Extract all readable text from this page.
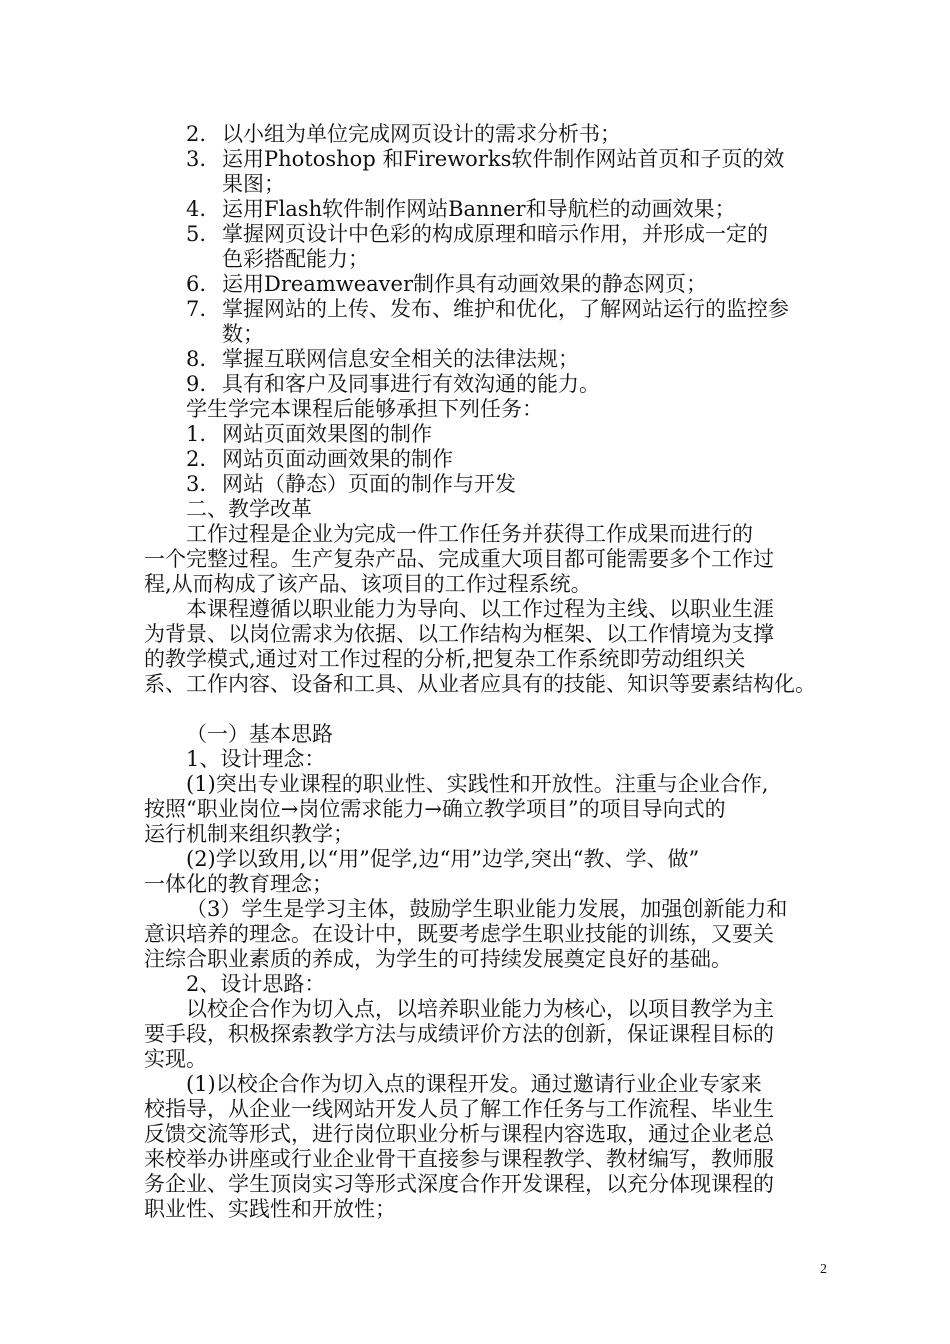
2. 以小组为单位完成网页设计的需求分析书；
3. 运用Photoshop 和Fireworks软件制作网站首页和子页的效
果图；
4. 运用Flash软件制作网站Banner和导航栏的动画效果；
5. 掌握网页设计中色彩的构成原理和暗示作用，并形成一定的
色彩搭配能力；
6. 运用Dreamweaver制作具有动画效果的静态网页；
7. 掌握网站的上传、发布、维护和优化，了解网站运行的监控参
数；
8. 掌握互联网信息安全相关的法律法规；
9. 具有和客户及同事进行有效沟通的能力。
学生学完本课程后能够承担下列任务：
1. 网站页面效果图的制作
2. 网站页面动画效果的制作
3. 网站（静态）页面的制作与开发
二、教学改革
工作过程是企业为完成一件工作任务并获得工作成果而进行的
一个完整过程。生产复杂产品、完成重大项目都可能需要多个工作过
程,从而构成了该产品、该项目的工作过程系统。
本课程遵循以职业能力为导向、以工作过程为主线、以职业生涯
为背景、以岗位需求为依据、以工作结构为框架、以工作情境为支撑
的教学模式,通过对工作过程的分析,把复杂工作系统即劳动组织关
系、工作内容、设备和工具、从业者应具有的技能、知识等要素结构化。
（一）基本思路
1、设计理念：
(1)突出专业课程的职业性、实践性和开放性。注重与企业合作,
按照“职业岗位→岗位需求能力→确立教学项目”的项目导向式的
运行机制来组织教学；
(2)学以致用,以“用”促学,边“用”边学,突出“教、学、做”
一体化的教育理念；
（3）学生是学习主体，鼓励学生职业能力发展，加强创新能力和
意识培养的理念。在设计中，既要考虑学生职业技能的训练，又要关
注综合职业素质的养成，为学生的可持续发展奠定良好的基础。
2、设计思路：
以校企合作为切入点，以培养职业能力为核心，以项目教学为主
要手段，积极探索教学方法与成绩评价方法的创新，保证课程目标的
实现。
(1)以校企合作为切入点的课程开发。通过邀请行业企业专家来
校指导，从企业一线网站开发人员了解工作任务与工作流程、毕业生
反馈交流等形式，进行岗位职业分析与课程内容选取，通过企业老总
来校举办讲座或行业企业骨干直接参与课程教学、教材编写，教师服
务企业、学生顶岗实习等形式深度合作开发课程，以充分体现课程的
职业性、实践性和开放性；
2
